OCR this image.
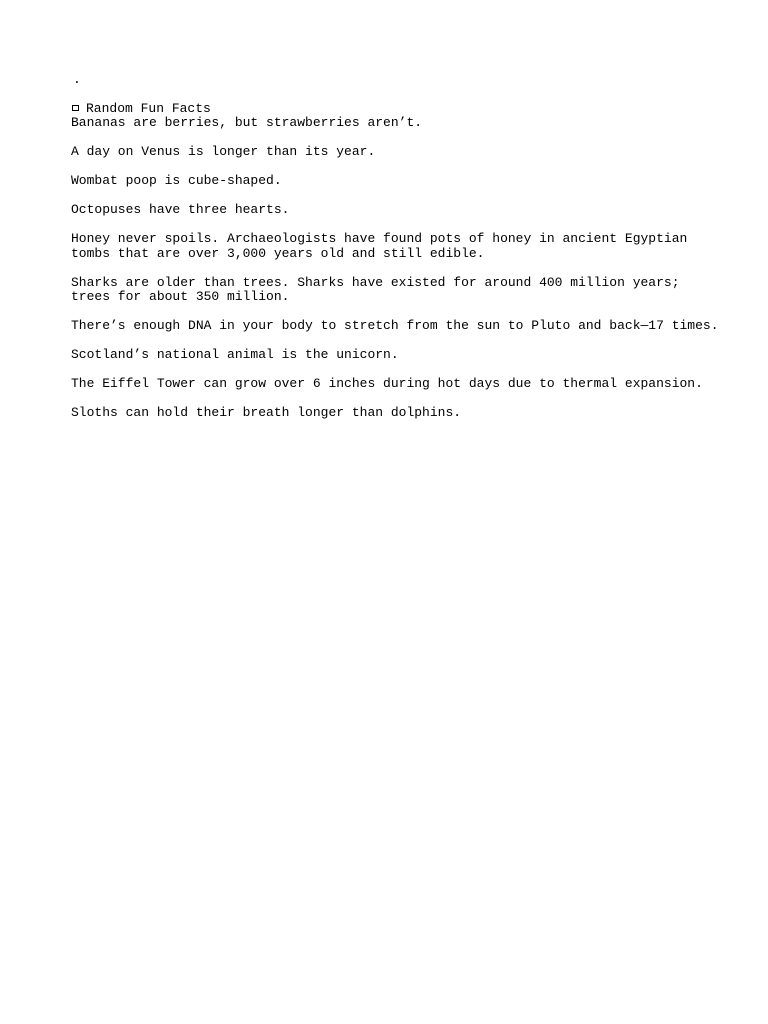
.
Random Fun Facts
Bananas are berries, but strawberries aren’t.
A day on Venus is longer than its year.
Wombat poop is cube-shaped.
Octopuses have three hearts.
Honey never spoils. Archaeologists have found pots of honey in ancient Egyptian
tombs that are over 3,000 years old and still edible.
Sharks are older than trees. Sharks have existed for around 400 million years;
trees for about 350 million.
There’s enough DNA in your body to stretch from the sun to Pluto and back—17 times.
Scotland’s national animal is the unicorn.
The Eiffel Tower can grow over 6 inches during hot days due to thermal expansion.
Sloths can hold their breath longer than dolphins.
